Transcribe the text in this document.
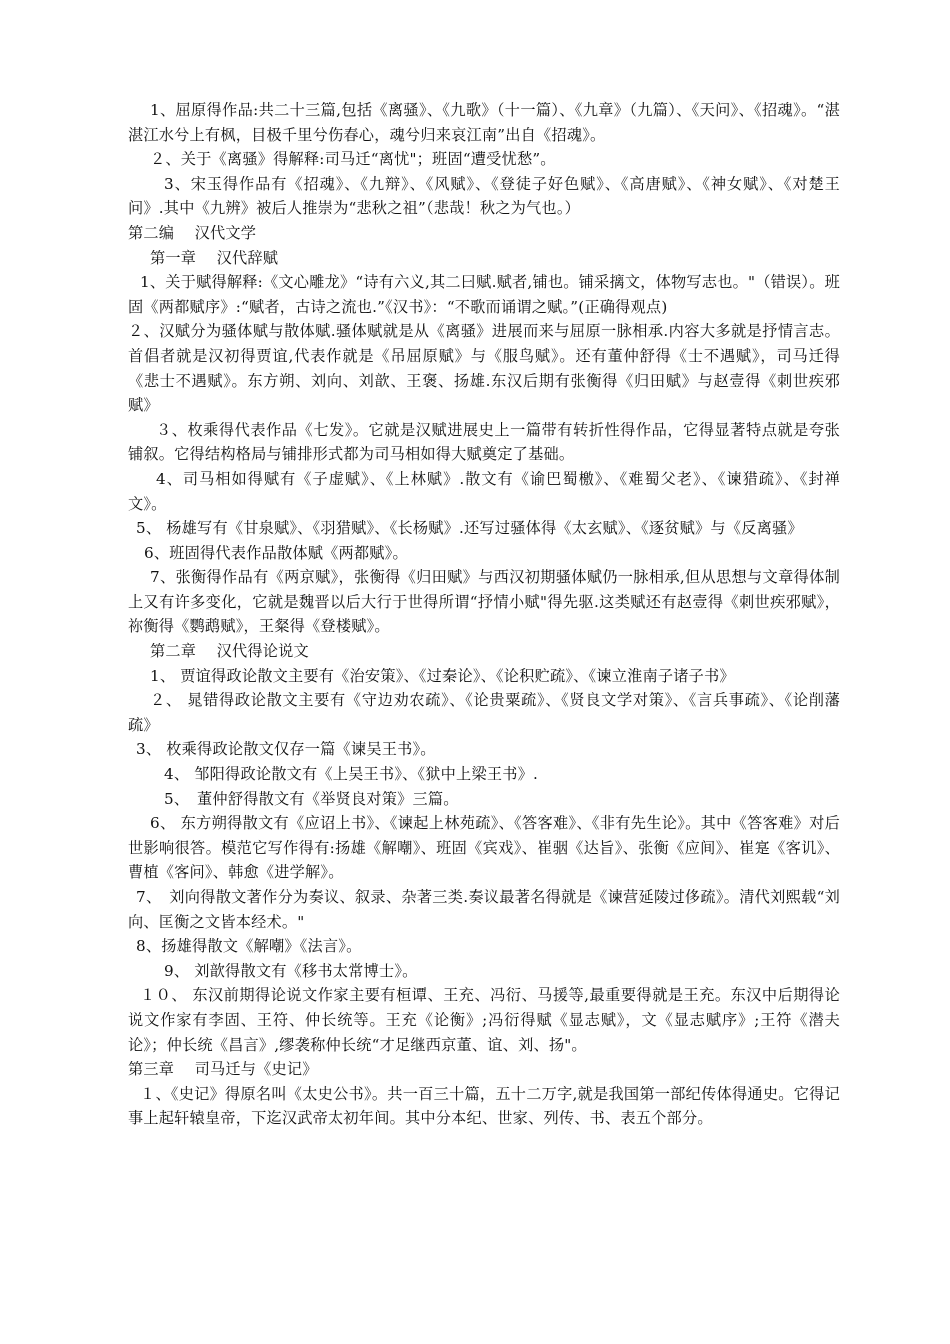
1、屈原得作品:共二十三篇,包括《离骚》、《九歌》（十一篇）、《九章》（九篇）、《天问》、《招魂》。“湛湛江水兮上有枫，目极千里兮伤春心，魂兮归来哀江南”出自《招魂》。

２、关于《离骚》得解释:司马迁“离忧"；班固“遭受忧愁”。

3、宋玉得作品有《招魂》、《九辩》、《风赋》、《登徒子好色赋》、《高唐赋》、《神女赋》、《对楚王问》.其中《九辨》被后人推崇为“悲秋之祖”（悲哉！秋之为气也。）

第二编　 汉代文学

第一章 　汉代辞赋

1、关于赋得解释:《文心雕龙》“诗有六义,其二曰赋.赋者,铺也。铺采摛文，体物写志也。"（错误）。班固《两都赋序》:“赋者，古诗之流也.”《汉书》：“不歌而诵谓之赋。”(正确得观点)

２、汉赋分为骚体赋与散体赋.骚体赋就是从《离骚》进展而来与屈原一脉相承.内容大多就是抒情言志。首倡者就是汉初得贾谊,代表作就是《吊屈原赋》与《服鸟赋》。还有董仲舒得《士不遇赋》，司马迁得《悲士不遇赋》。东方朔、刘向、刘歆、王褒、扬雄.东汉后期有张衡得《归田赋》与赵壹得《刺世疾邪赋》

３、枚乘得代表作品《七发》。它就是汉赋进展史上一篇带有转折性得作品，它得显著特点就是夸张铺叙。它得结构格局与铺排形式都为司马相如得大赋奠定了基础。

4、司马相如得赋有《子虚赋》、《上林赋》.散文有《谕巴蜀檄》、《难蜀父老》、《谏猎疏》、《封禅文》。

5、 杨雄写有《甘泉赋》、《羽猎赋》、《长杨赋》.还写过骚体得《太玄赋》、《逐贫赋》与《反离骚》

6、班固得代表作品散体赋《两都赋》。

7、张衡得作品有《两京赋》，张衡得《归田赋》与西汉初期骚体赋仍一脉相承,但从思想与文章得体制上又有许多变化，它就是魏晋以后大行于世得所谓“抒情小赋"得先驱.这类赋还有赵壹得《刺世疾邪赋》，祢衡得《鹦鹉赋》，王粲得《登楼赋》。

第二章 　汉代得论说文

1、 贾谊得政论散文主要有《治安策》、《过秦论》、《论积贮疏》、《谏立淮南子诸子书》

２、 晁错得政论散文主要有《守边劝农疏》、《论贵粟疏》、《贤良文学对策》、《言兵事疏》、《论削藩疏》

3、 枚乘得政论散文仅存一篇《谏吴王书》。

4、 邹阳得政论散文有《上吴王书》、《狱中上梁王书》.

5、　董仲舒得散文有《举贤良对策》三篇。

6、 东方朔得散文有《应诏上书》、《谏起上林苑疏》、《答客难》、《非有先生论》。其中《答客难》对后世影响很答。模范它写作得有:扬雄《解嘲》、班固《宾戏》、崔骃《达旨》、张衡《应间》、崔寔《客讥》、曹植《客问》、韩愈《进学解》。

7、　刘向得散文著作分为奏议、叙录、杂著三类.奏议最著名得就是《谏营延陵过侈疏》。清代刘熙载“刘向、匡衡之文皆本经术。"

8、扬雄得散文《解嘲》《法言》。

9、 刘歆得散文有《移书太常博士》。

１０、 东汉前期得论说文作家主要有桓谭、王充、冯衍、马援等,最重要得就是王充。东汉中后期得论说文作家有李固、王符、仲长统等。王充《论衡》;冯衍得赋《显志赋》，文《显志赋序》;王符《潜夫论》；仲长统《昌言》,缪袭称仲长统“才足继西京董、谊、刘、扬"。

第三章　 司马迁与《史记》

１、《史记》得原名叫《太史公书》。共一百三十篇，五十二万字,就是我国第一部纪传体得通史。它得记事上起轩辕皇帝，下迄汉武帝太初年间。其中分本纪、世家、列传、书、表五个部分。
